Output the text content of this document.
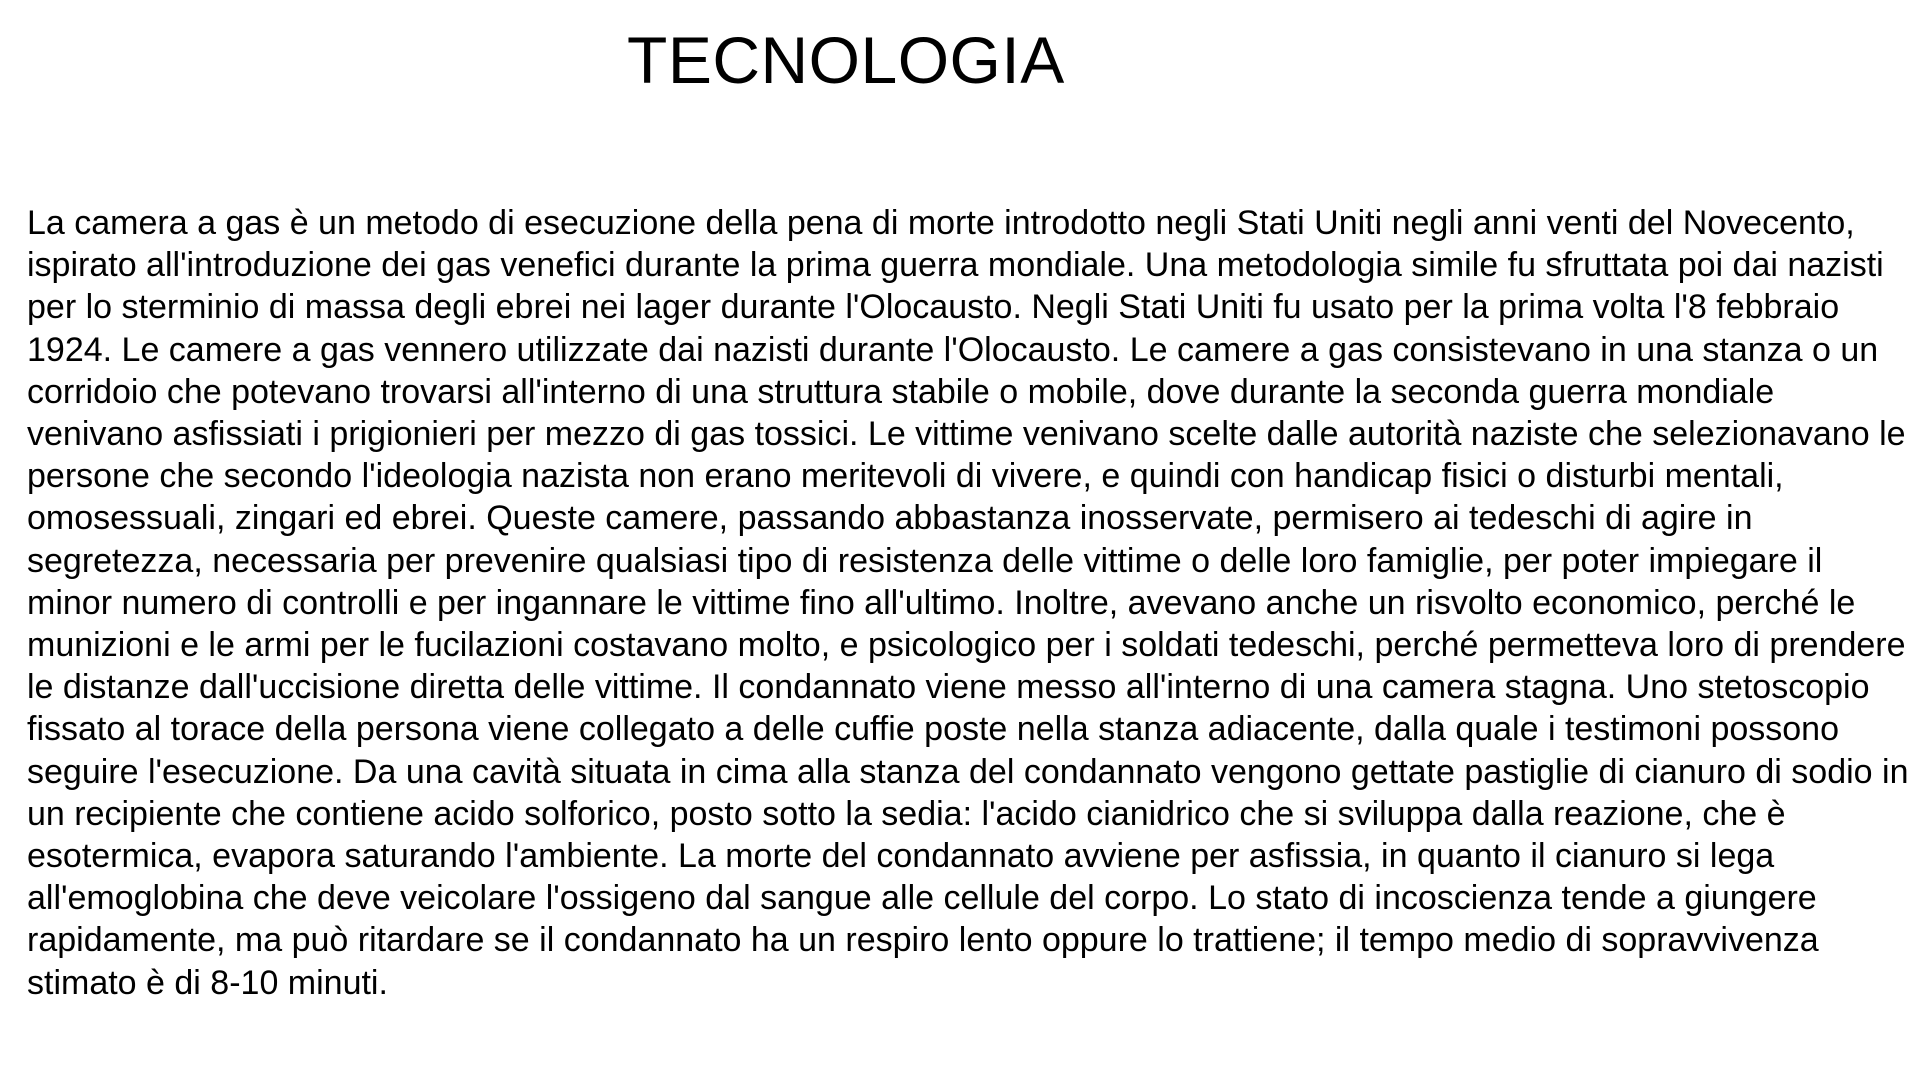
TECNOLOGIA

La camera a gas è un metodo di esecuzione della pena di morte introdotto negli Stati Uniti negli anni venti del Novecento, ispirato all'introduzione dei gas venefici durante la prima guerra mondiale. Una metodologia simile fu sfruttata poi dai nazisti per lo sterminio di massa degli ebrei nei lager durante l'Olocausto. Negli Stati Uniti fu usato per la prima volta l'8 febbraio 1924. Le camere a gas vennero utilizzate dai nazisti durante l'Olocausto. Le camere a gas consistevano in una stanza o un corridoio che potevano trovarsi all'interno di una struttura stabile o mobile, dove durante la seconda guerra mondiale venivano asfissiati i prigionieri per mezzo di gas tossici. Le vittime venivano scelte dalle autorità naziste che selezionavano le persone che secondo l'ideologia nazista non erano meritevoli di vivere, e quindi con handicap fisici o disturbi mentali, omosessuali, zingari ed ebrei. Queste camere, passando abbastanza inosservate, permisero ai tedeschi di agire in segretezza, necessaria per prevenire qualsiasi tipo di resistenza delle vittime o delle loro famiglie, per poter impiegare il minor numero di controlli e per ingannare le vittime fino all'ultimo. Inoltre, avevano anche un risvolto economico, perché le munizioni e le armi per le fucilazioni costavano molto, e psicologico per i soldati tedeschi, perché permetteva loro di prendere le distanze dall'uccisione diretta delle vittime. Il condannato viene messo all'interno di una camera stagna. Uno stetoscopio fissato al torace della persona viene collegato a delle cuffie poste nella stanza adiacente, dalla quale i testimoni possono seguire l'esecuzione. Da una cavità situata in cima alla stanza del condannato vengono gettate pastiglie di cianuro di sodio in un recipiente che contiene acido solforico, posto sotto la sedia: l'acido cianidrico che si sviluppa dalla reazione, che è esotermica, evapora saturando l'ambiente. La morte del condannato avviene per asfissia, in quanto il cianuro si lega all'emoglobina che deve veicolare l'ossigeno dal sangue alle cellule del corpo. Lo stato di incoscienza tende a giungere rapidamente, ma può ritardare se il condannato ha un respiro lento oppure lo trattiene; il tempo medio di sopravvivenza stimato è di 8-10 minuti.
